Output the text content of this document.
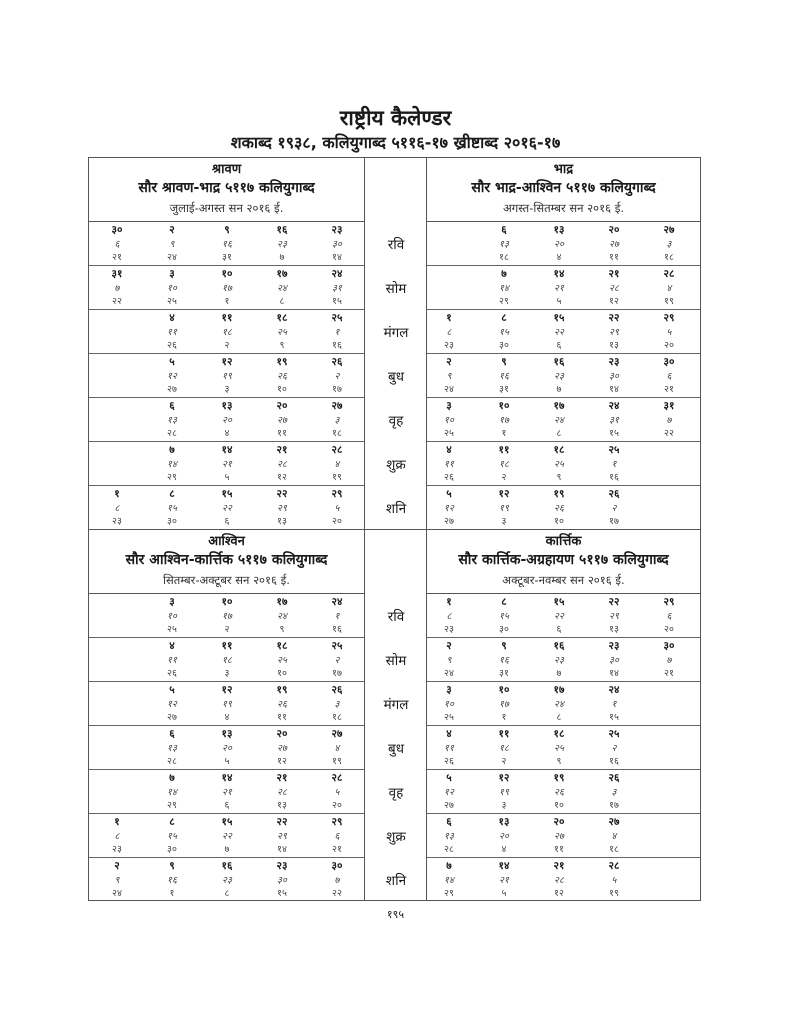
राष्ट्रीय कैलेण्डर
शकाब्द १९३८, कलियुगाब्द ५११६-१७ ख्रीष्टाब्द २०१६-१७
श्रावण
सौर श्रावण-भाद्र ५११७ कलियुगाब्द
जुलाई-अगस्त सन २०१६ ई.
३०
६
२१
२
९
२४
९
१६
३१
१६
२३
७
२३
३०
१४
३१
७
२२
३
१०
२५
१०
१७
१
१७
२४
८
२४
३१
१५
४
११
२६
११
१८
२
१८
२५
९
२५
१
१६
५
१२
२७
१२
१९
३
१९
२६
१०
२६
२
१७
६
१३
२८
१३
२०
४
२०
२७
११
२७
३
१८
७
१४
२९
१४
२१
५
२१
२८
१२
२८
४
१९
१
८
२३
८
१५
३०
१५
२२
६
२२
२९
१३
२९
५
२०
भाद्र
सौर भाद्र-आश्विन ५११७ कलियुगाब्द
अगस्त-सितम्बर सन २०१६ ई.
६
१३
१८
१३
२०
४
२०
२७
११
२७
३
१८
७
१४
२९
१४
२१
५
२१
२८
१२
२८
४
१९
१
८
२३
८
१५
३०
१५
२२
६
२२
२९
१३
२९
५
२०
२
९
२४
९
१६
३१
१६
२३
७
२३
३०
१४
३०
६
२१
३
१०
२५
१०
१७
१
१७
२४
८
२४
३१
१५
३१
७
२२
४
११
२६
११
१८
२
१८
२५
९
२५
१
१६
५
१२
२७
१२
१९
३
१९
२६
१०
२६
२
१७
आश्विन
सौर आश्विन-कार्त्तिक ५११७ कलियुगाब्द
सितम्बर-अक्टूबर सन २०१६ ई.
३
१०
२५
१०
१७
२
१७
२४
९
२४
१
१६
४
११
२६
११
१८
३
१८
२५
१०
२५
२
१७
५
१२
२७
१२
१९
४
१९
२६
११
२६
३
१८
६
१३
२८
१३
२०
५
२०
२७
१२
२७
४
१९
७
१४
२९
१४
२१
६
२१
२८
१३
२८
५
२०
१
८
२३
८
१५
३०
१५
२२
७
२२
२९
१४
२९
६
२१
२
९
२४
९
१६
१
१६
२३
८
२३
३०
१५
३०
७
२२
कार्त्तिक
सौर कार्त्तिक-अग्रहायण ५११७ कलियुगाब्द
अक्टूबर-नवम्बर सन २०१६ ई.
१
८
२३
८
१५
३०
१५
२२
६
२२
२९
१३
२९
६
२०
२
९
२४
९
१६
३१
१६
२३
७
२३
३०
१४
३०
७
२१
३
१०
२५
१०
१७
१
१७
२४
८
२४
१
१५
४
११
२६
११
१८
२
१८
२५
९
२५
२
१६
५
१२
२७
१२
१९
३
१९
२६
१०
२६
३
१७
६
१३
२८
१३
२०
४
२०
२७
११
२७
४
१८
७
१४
२९
१४
२१
५
२१
२८
१२
२८
५
१९
रवि
सोम
मंगल
बुध
वृह
शुक्र
शनि
रवि
सोम
मंगल
बुध
वृह
शुक्र
शनि
१९५
